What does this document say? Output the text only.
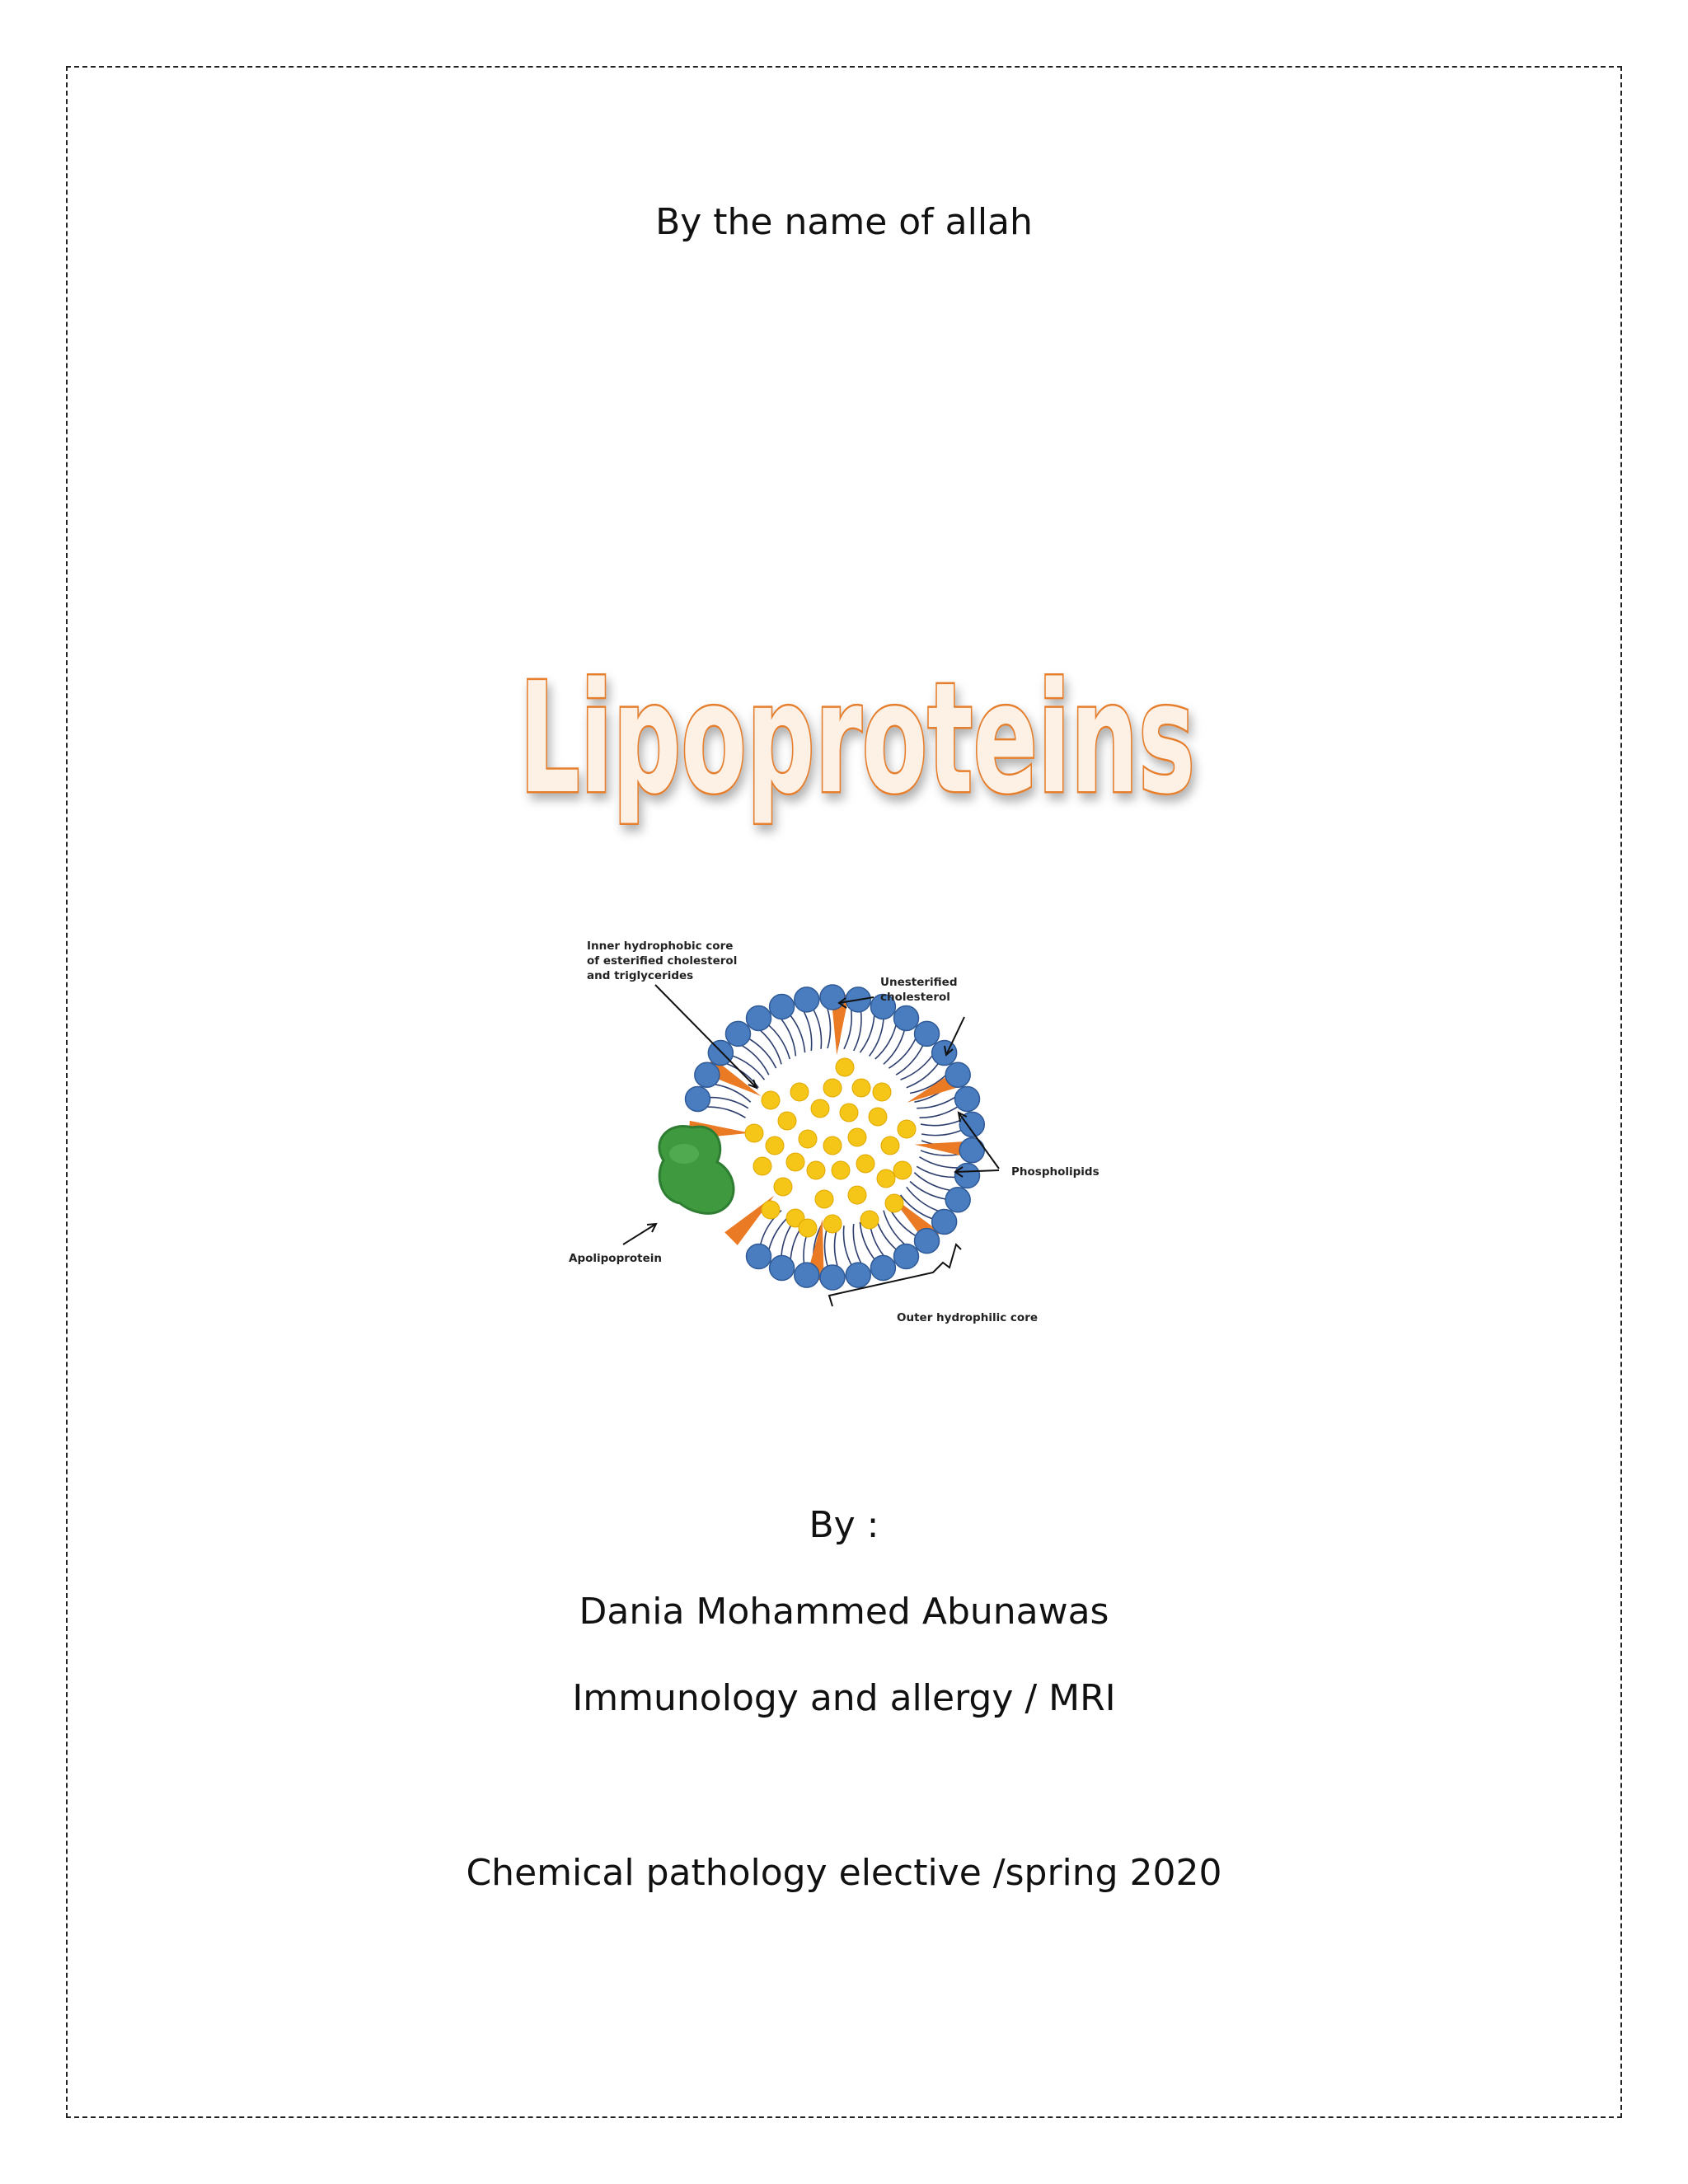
By the name of allah
Lipoproteins
Inner hydrophobic core
of esterified cholesterol
and triglycerides	Unesterified
cholesterol
Phospholipids
Apolipoprotein
Outer hydrophilic core
By :
Dania Mohammed Abunawas
Immunology and allergy / MRI
Chemical pathology elective /spring 2020
